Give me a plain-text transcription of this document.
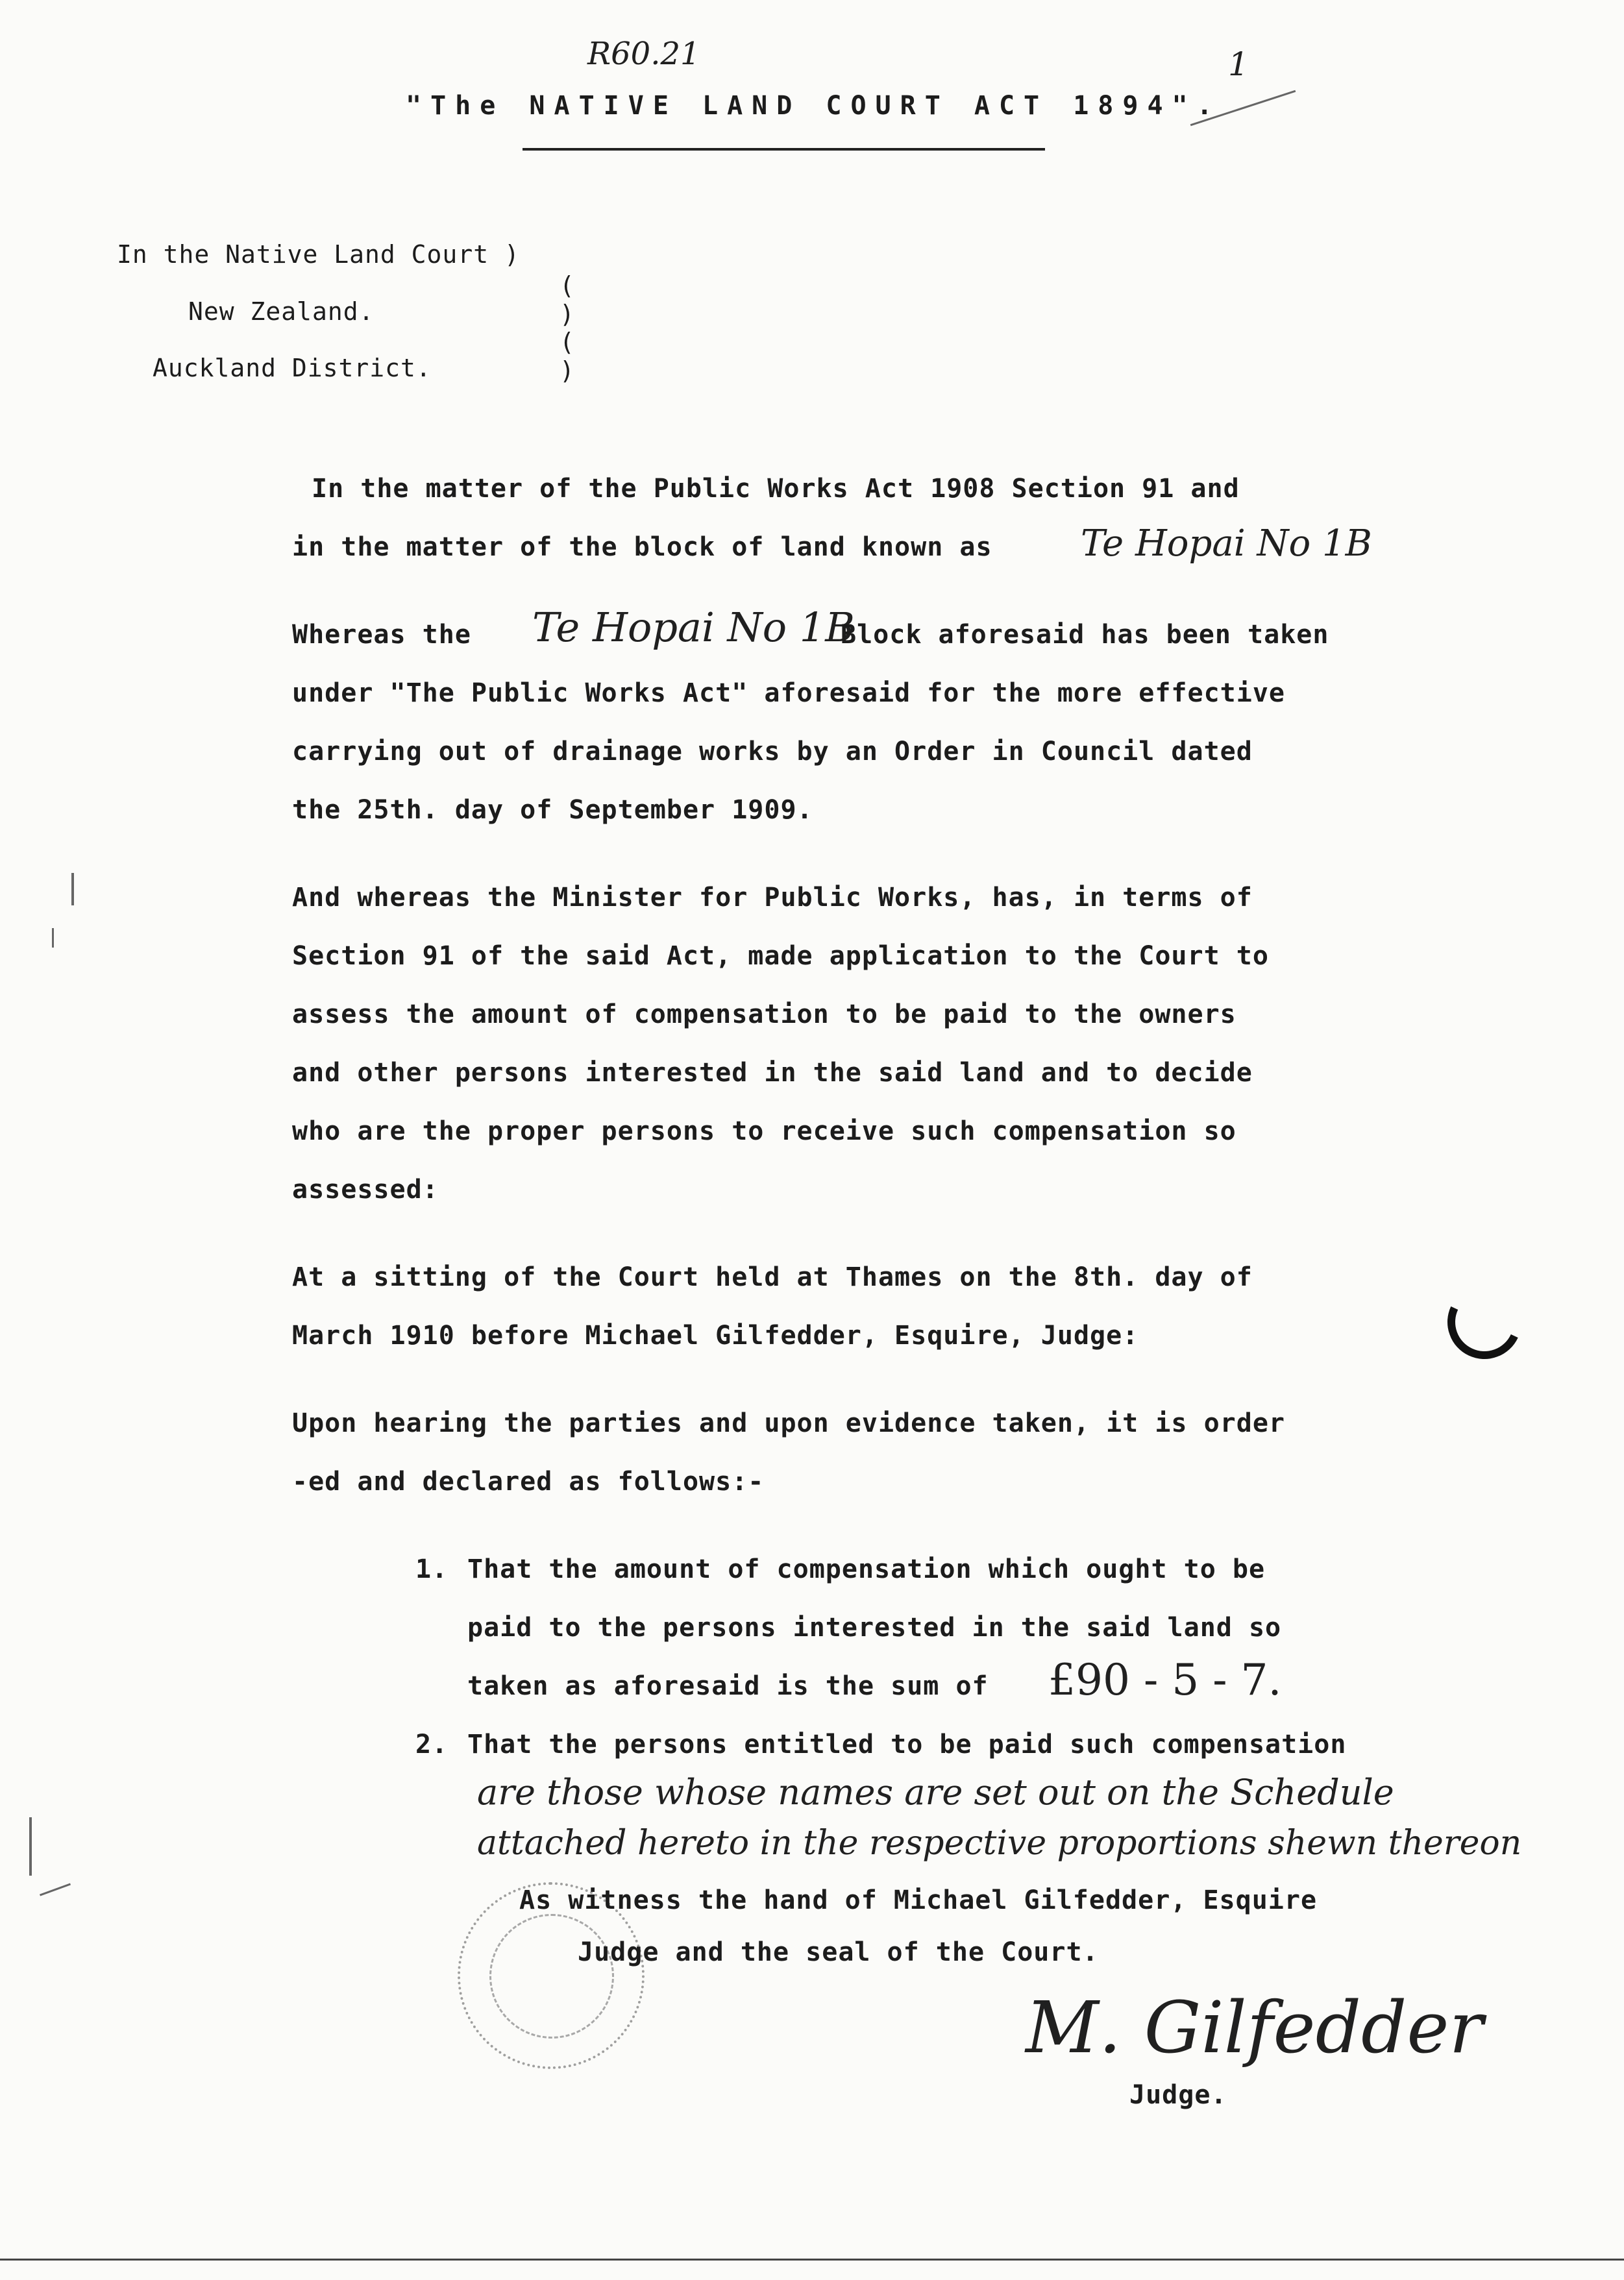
R60.21
"The NATIVE LAND COURT ACT 1894".
1
In the Native Land Court )
New Zealand.
Auckland District.
(
)
(
)
In the matter of the Public Works Act 1908 Section 91 and
in the matter of the block of land known as Te Hopai No 1B
Whereas the Te Hopai No 1B
Block aforesaid has been taken
under "The Public Works Act" aforesaid for the more effective
carrying out of drainage works by an Order in Council dated
the 25th. day of September 1909.
And whereas the Minister for Public Works, has, in terms of
Section 91 of the said Act, made application to the Court to
assess the amount of compensation to be paid to the owners
and other persons interested in the said land and to decide
who are the proper persons to receive such compensation so
assessed:
At a sitting of the Court held at Thames on the 8th. day of
March 1910 before Michael Gilfedder, Esquire, Judge:
Upon hearing the parties and upon evidence taken, it is order
-ed and declared as follows:-
1. That the amount of compensation which ought to be
paid to the persons interested in the said land so
taken as aforesaid is the sum of £90 - 5 - 7.
2. That the persons entitled to be paid such compensation
are those whose names are set out on the Schedule
attached hereto in the respective proportions shewn thereon
As witness the hand of Michael Gilfedder, Esquire
Judge and the seal of the Court.
M. Gilfedder
Judge.
